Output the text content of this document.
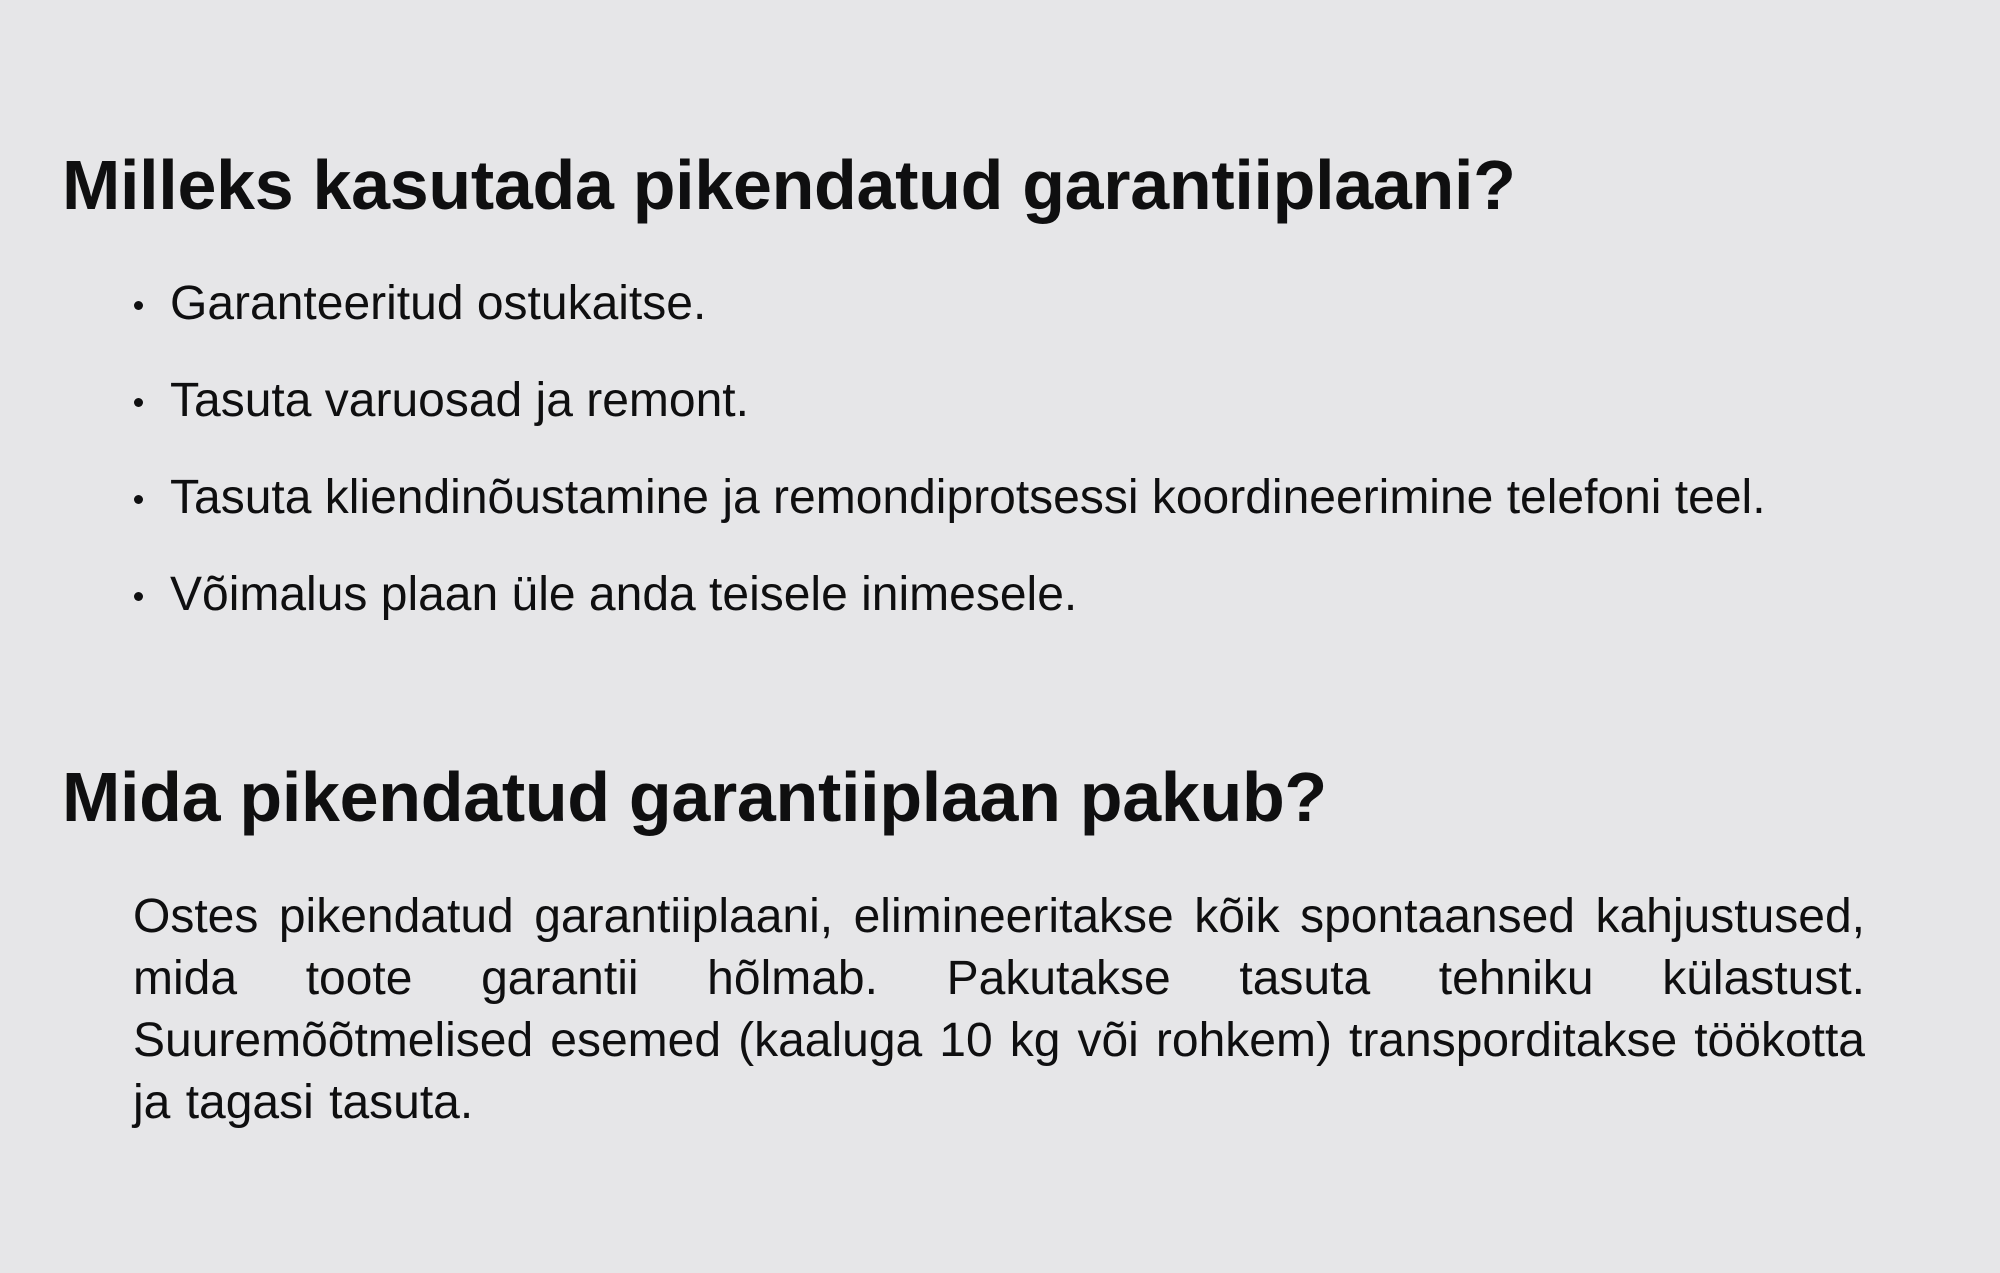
Milleks kasutada pikendatud garantiiplaani?
Garanteeritud ostukaitse.
Tasuta varuosad ja remont.
Tasuta kliendinõustamine ja remondiprotsessi koordineerimine telefoni teel.
Võimalus plaan üle anda teisele inimesele.
Mida pikendatud garantiiplaan pakub?

Ostes pikendatud garantiiplaani, elimineeritakse kõik spontaansed kahjustused, mida toote garantii hõlmab. Pakutakse tasuta tehniku külastust. Suuremõõtmelised esemed (kaaluga 10 kg või rohkem) transporditakse töökotta ja tagasi tasuta.
